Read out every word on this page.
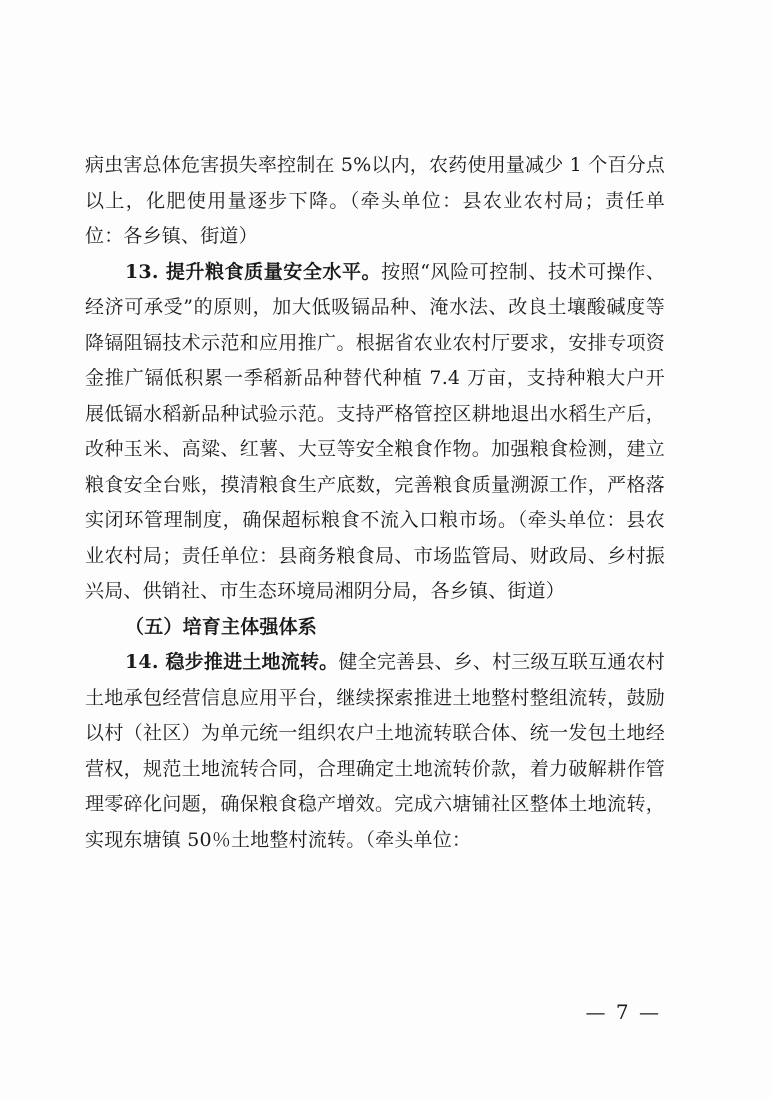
病虫害总体危害损失率控制在 5%以内，农药使用量减少 1 个百分点以上，化肥使用量逐步下降。（牵头单位：县农业农村局；责任单位：各乡镇、街道）

13. 提升粮食质量安全水平。按照“风险可控制、技术可操作、经济可承受”的原则，加大低吸镉品种、淹水法、改良土壤酸碱度等降镉阻镉技术示范和应用推广。根据省农业农村厅要求，安排专项资金推广镉低积累一季稻新品种替代种植 7.4 万亩，支持种粮大户开展低镉水稻新品种试验示范。支持严格管控区耕地退出水稻生产后，改种玉米、高粱、红薯、大豆等安全粮食作物。加强粮食检测，建立粮食安全台账，摸清粮食生产底数，完善粮食质量溯源工作，严格落实闭环管理制度，确保超标粮食不流入口粮市场。（牵头单位：县农业农村局；责任单位：县商务粮食局、市场监管局、财政局、乡村振兴局、供销社、市生态环境局湘阴分局，各乡镇、街道）

（五）培育主体强体系

14. 稳步推进土地流转。健全完善县、乡、村三级互联互通农村土地承包经营信息应用平台，继续探索推进土地整村整组流转，鼓励以村（社区）为单元统一组织农户土地流转联合体、统一发包土地经营权，规范土地流转合同，合理确定土地流转价款，着力破解耕作管理零碎化问题，确保粮食稳产增效。完成六塘铺社区整体土地流转，实现东塘镇 50％土地整村流转。（牵头单位：

— 7 —
